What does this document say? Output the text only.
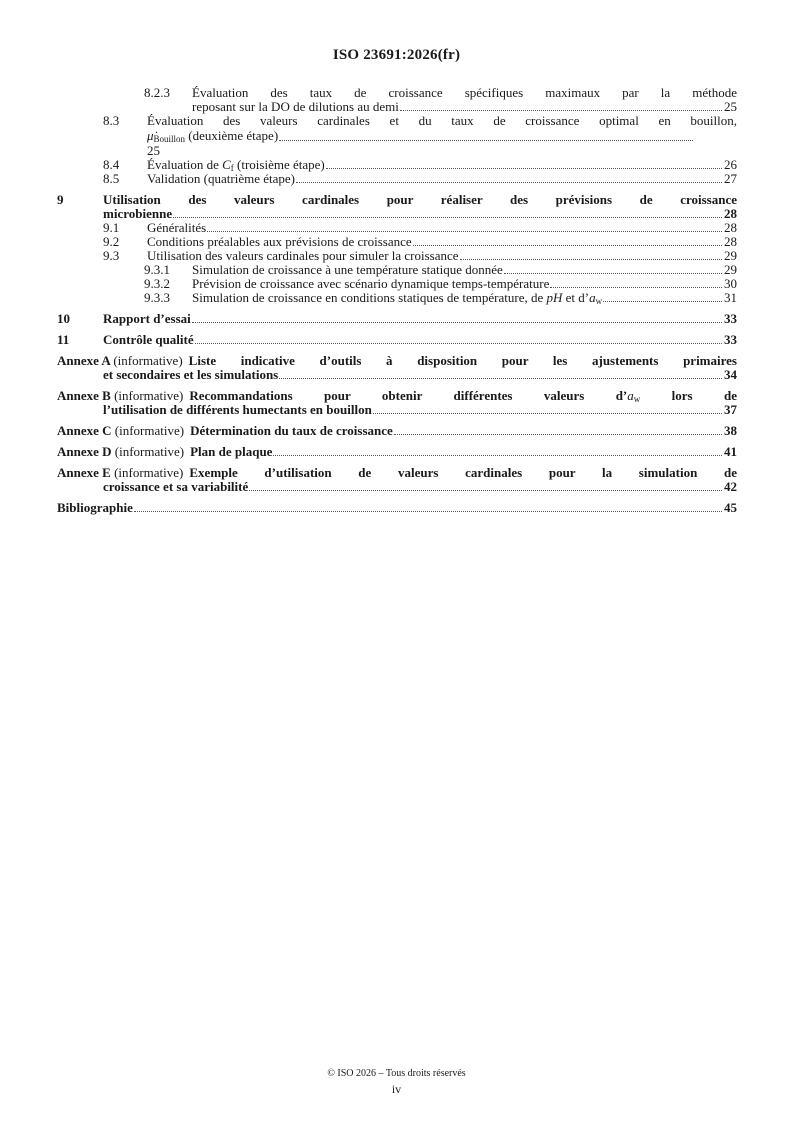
ISO 23691:2026(fr)
8.2.3	Évaluation des taux de croissance spécifiques maximaux par la méthode
reposant sur la DO de dilutions au demi	25
8.3	Évaluation des valeurs cardinales et du taux de croissance optimal en bouillon,
$\mu̇_{Bouillon}$ (deuxième étape)
25
8.4	Évaluation de $C_f$ (troisième étape)	26
8.5	Validation (quatrième étape)	27
9	Utilisation des valeurs cardinales pour réaliser des prévisions de croissance
microbienne	28
9.1	Généralités	28
9.2	Conditions préalables aux prévisions de croissance	28
9.3	Utilisation des valeurs cardinales pour simuler la croissance	29
9.3.1	Simulation de croissance à une température statique donnée	29
9.3.2	Prévision de croissance avec scénario dynamique temps-température	30
9.3.3	Simulation de croissance en conditions statiques de température, de pH et $d’a_w$	31
10	Rapport d’essai	33
11	Contrôle qualité	33
Annexe A (informative) Liste indicative d’outils à disposition pour les ajustements primaires
et secondaires et les simulations	34
Annexe B (informative) Recommandations pour obtenir différentes valeurs $d’a_w$ lors de
l’utilisation de différents humectants en bouillon	37
Annexe C (informative) Détermination du taux de croissance	38
Annexe D (informative) Plan de plaque	41
Annexe E (informative) Exemple d’utilisation de valeurs cardinales pour la simulation de
croissance et sa variabilité	42
Bibliographie	45
© ISO 2026 – Tous droits réservés
iv
